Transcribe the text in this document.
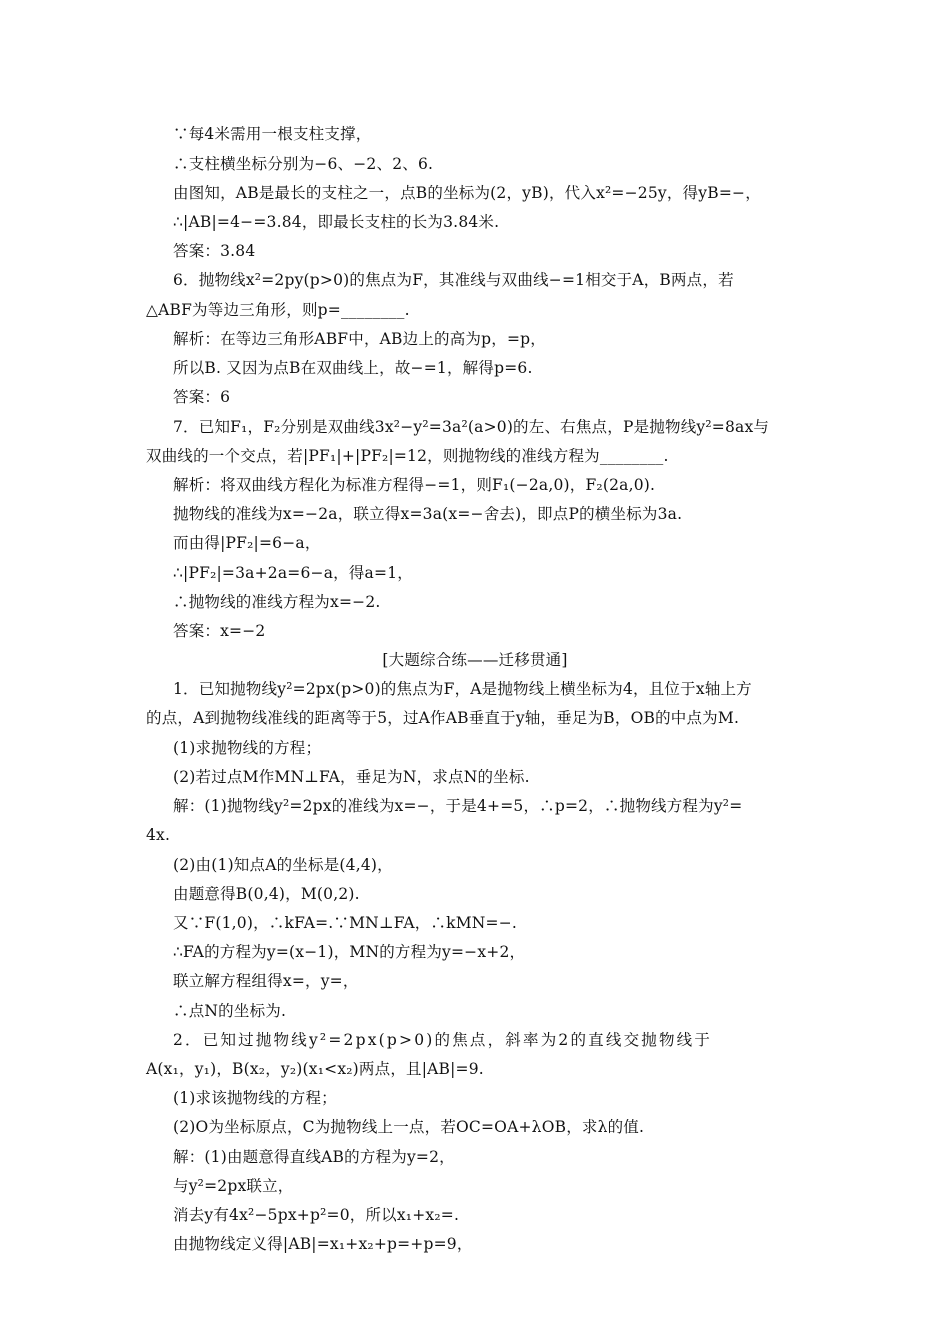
∵每4米需用一根支柱支撑，
∴支柱横坐标分别为−6、−2、2、6.
由图知，AB是最长的支柱之一，点B的坐标为(2，yB)，代入x²=−25y，得yB=−，
∴|AB|=4−=3.84，即最长支柱的长为3.84米.
答案：3.84
6．抛物线x²=2py(p>0)的焦点为F，其准线与双曲线−=1相交于A，B两点，若
△ABF为等边三角形，则p=________.
解析：在等边三角形ABF中，AB边上的高为p，=p，
所以B. 又因为点B在双曲线上，故−=1，解得p=6.
答案：6
7．已知F₁，F₂分别是双曲线3x²−y²=3a²(a>0)的左、右焦点，P是抛物线y²=8ax与
双曲线的一个交点，若|PF₁|+|PF₂|=12，则抛物线的准线方程为________.
解析：将双曲线方程化为标准方程得−=1，则F₁(−2a,0)，F₂(2a,0).
抛物线的准线为x=−2a，联立得x=3a(x=−舍去)，即点P的横坐标为3a.
而由得|PF₂|=6−a，
∴|PF₂|=3a+2a=6−a，得a=1，
∴抛物线的准线方程为x=−2.
答案：x=−2
[大题综合练——迁移贯通]
1．已知抛物线y²=2px(p>0)的焦点为F，A是抛物线上横坐标为4，且位于x轴上方
的点，A到抛物线准线的距离等于5，过A作AB垂直于y轴，垂足为B，OB的中点为M.
(1)求抛物线的方程；
(2)若过点M作MN⊥FA，垂足为N，求点N的坐标.
解：(1)抛物线y²=2px的准线为x=−，于是4+=5，∴p=2，∴抛物线方程为y²=
4x.
(2)由(1)知点A的坐标是(4,4)，
由题意得B(0,4)，M(0,2).
又∵F(1,0)，∴kFA=.∵MN⊥FA，∴kMN=−.
∴FA的方程为y=(x−1)，MN的方程为y=−x+2，
联立解方程组得x=，y=，
∴点N的坐标为.
2．已知过抛物线y²=2px(p>0)的焦点，斜率为2的直线交抛物线于
A(x₁，y₁)，B(x₂，y₂)(x₁<x₂)两点，且|AB|=9.
(1)求该抛物线的方程；
(2)O为坐标原点，C为抛物线上一点，若OC=OA+λOB，求λ的值.
解：(1)由题意得直线AB的方程为y=2，
与y²=2px联立，
消去y有4x²−5px+p²=0，所以x₁+x₂=.
由抛物线定义得|AB|=x₁+x₂+p=+p=9，
